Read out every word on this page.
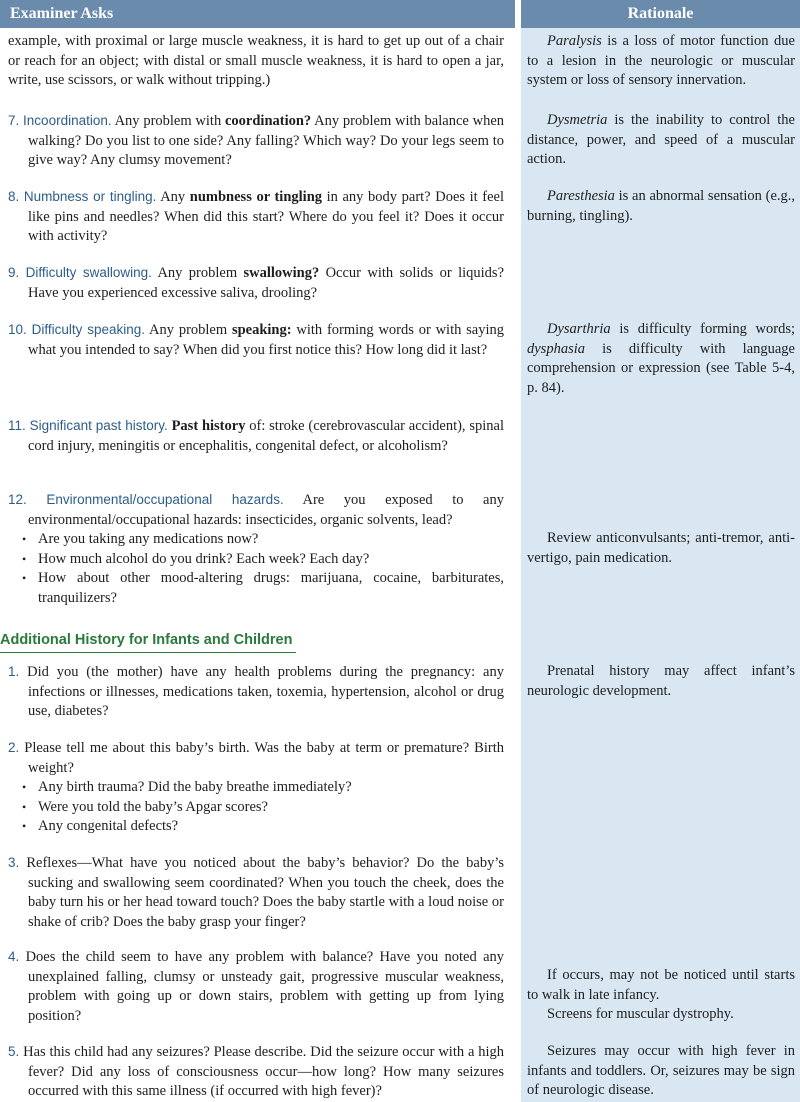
Examiner Asks	Rationale
example, with proximal or large muscle weakness, it is hard to get up out of a chair or reach for an object; with distal or small muscle weakness, it is hard to open a jar, write, use scissors, or walk without tripping.)
7. Incoordination. Any problem with coordination? Any problem with balance when walking? Do you list to one side? Any falling? Which way? Do your legs seem to give way? Any clumsy movement?
8. Numbness or tingling. Any numbness or tingling in any body part? Does it feel like pins and needles? When did this start? Where do you feel it? Does it occur with activity?
9. Difficulty swallowing. Any problem swallowing? Occur with solids or liquids? Have you experienced excessive saliva, drooling?
10. Difficulty speaking. Any problem speaking: with forming words or with saying what you intended to say? When did you first notice this? How long did it last?
11. Significant past history. Past history of: stroke (cerebrovascular accident), spinal cord injury, meningitis or encephalitis, congenital defect, or alcoholism?
12. Environmental/occupational hazards. Are you exposed to any environmental/occupational hazards: insecticides, organic solvents, lead?
• Are you taking any medications now?
• How much alcohol do you drink? Each week? Each day?
• How about other mood-altering drugs: marijuana, cocaine, barbiturates, tranquilizers?
Additional History for Infants and Children
1. Did you (the mother) have any health problems during the pregnancy: any infections or illnesses, medications taken, toxemia, hypertension, alcohol or drug use, diabetes?
2. Please tell me about this baby’s birth. Was the baby at term or premature? Birth weight?
• Any birth trauma? Did the baby breathe immediately?
• Were you told the baby’s Apgar scores?
• Any congenital defects?
3. Reflexes—What have you noticed about the baby’s behavior? Do the baby’s sucking and swallowing seem coordinated? When you touch the cheek, does the baby turn his or her head toward touch? Does the baby startle with a loud noise or shake of crib? Does the baby grasp your finger?
4. Does the child seem to have any problem with balance? Have you noted any unexplained falling, clumsy or unsteady gait, progressive muscular weakness, problem with going up or down stairs, problem with getting up from lying position?
5. Has this child had any seizures? Please describe. Did the seizure occur with a high fever? Did any loss of consciousness occur—how long? How many seizures occurred with this same illness (if occurred with high fever)?

Paralysis is a loss of motor function due to a lesion in the neurologic or muscular system or loss of sensory innervation.

Dysmetria is the inability to control the distance, power, and speed of a muscular action.

Paresthesia is an abnormal sensation (e.g., burning, tingling).

Dysarthria is difficulty forming words; dysphasia is difficulty with language comprehension or expression (see Table 5-4, p. 84).

Review anticonvulsants; anti-tremor, anti-vertigo, pain medication.

Prenatal history may affect infant’s neurologic development.

If occurs, may not be noticed until starts to walk in late infancy.

Screens for muscular dystrophy.

Seizures may occur with high fever in infants and toddlers. Or, seizures may be sign of neurologic disease.
